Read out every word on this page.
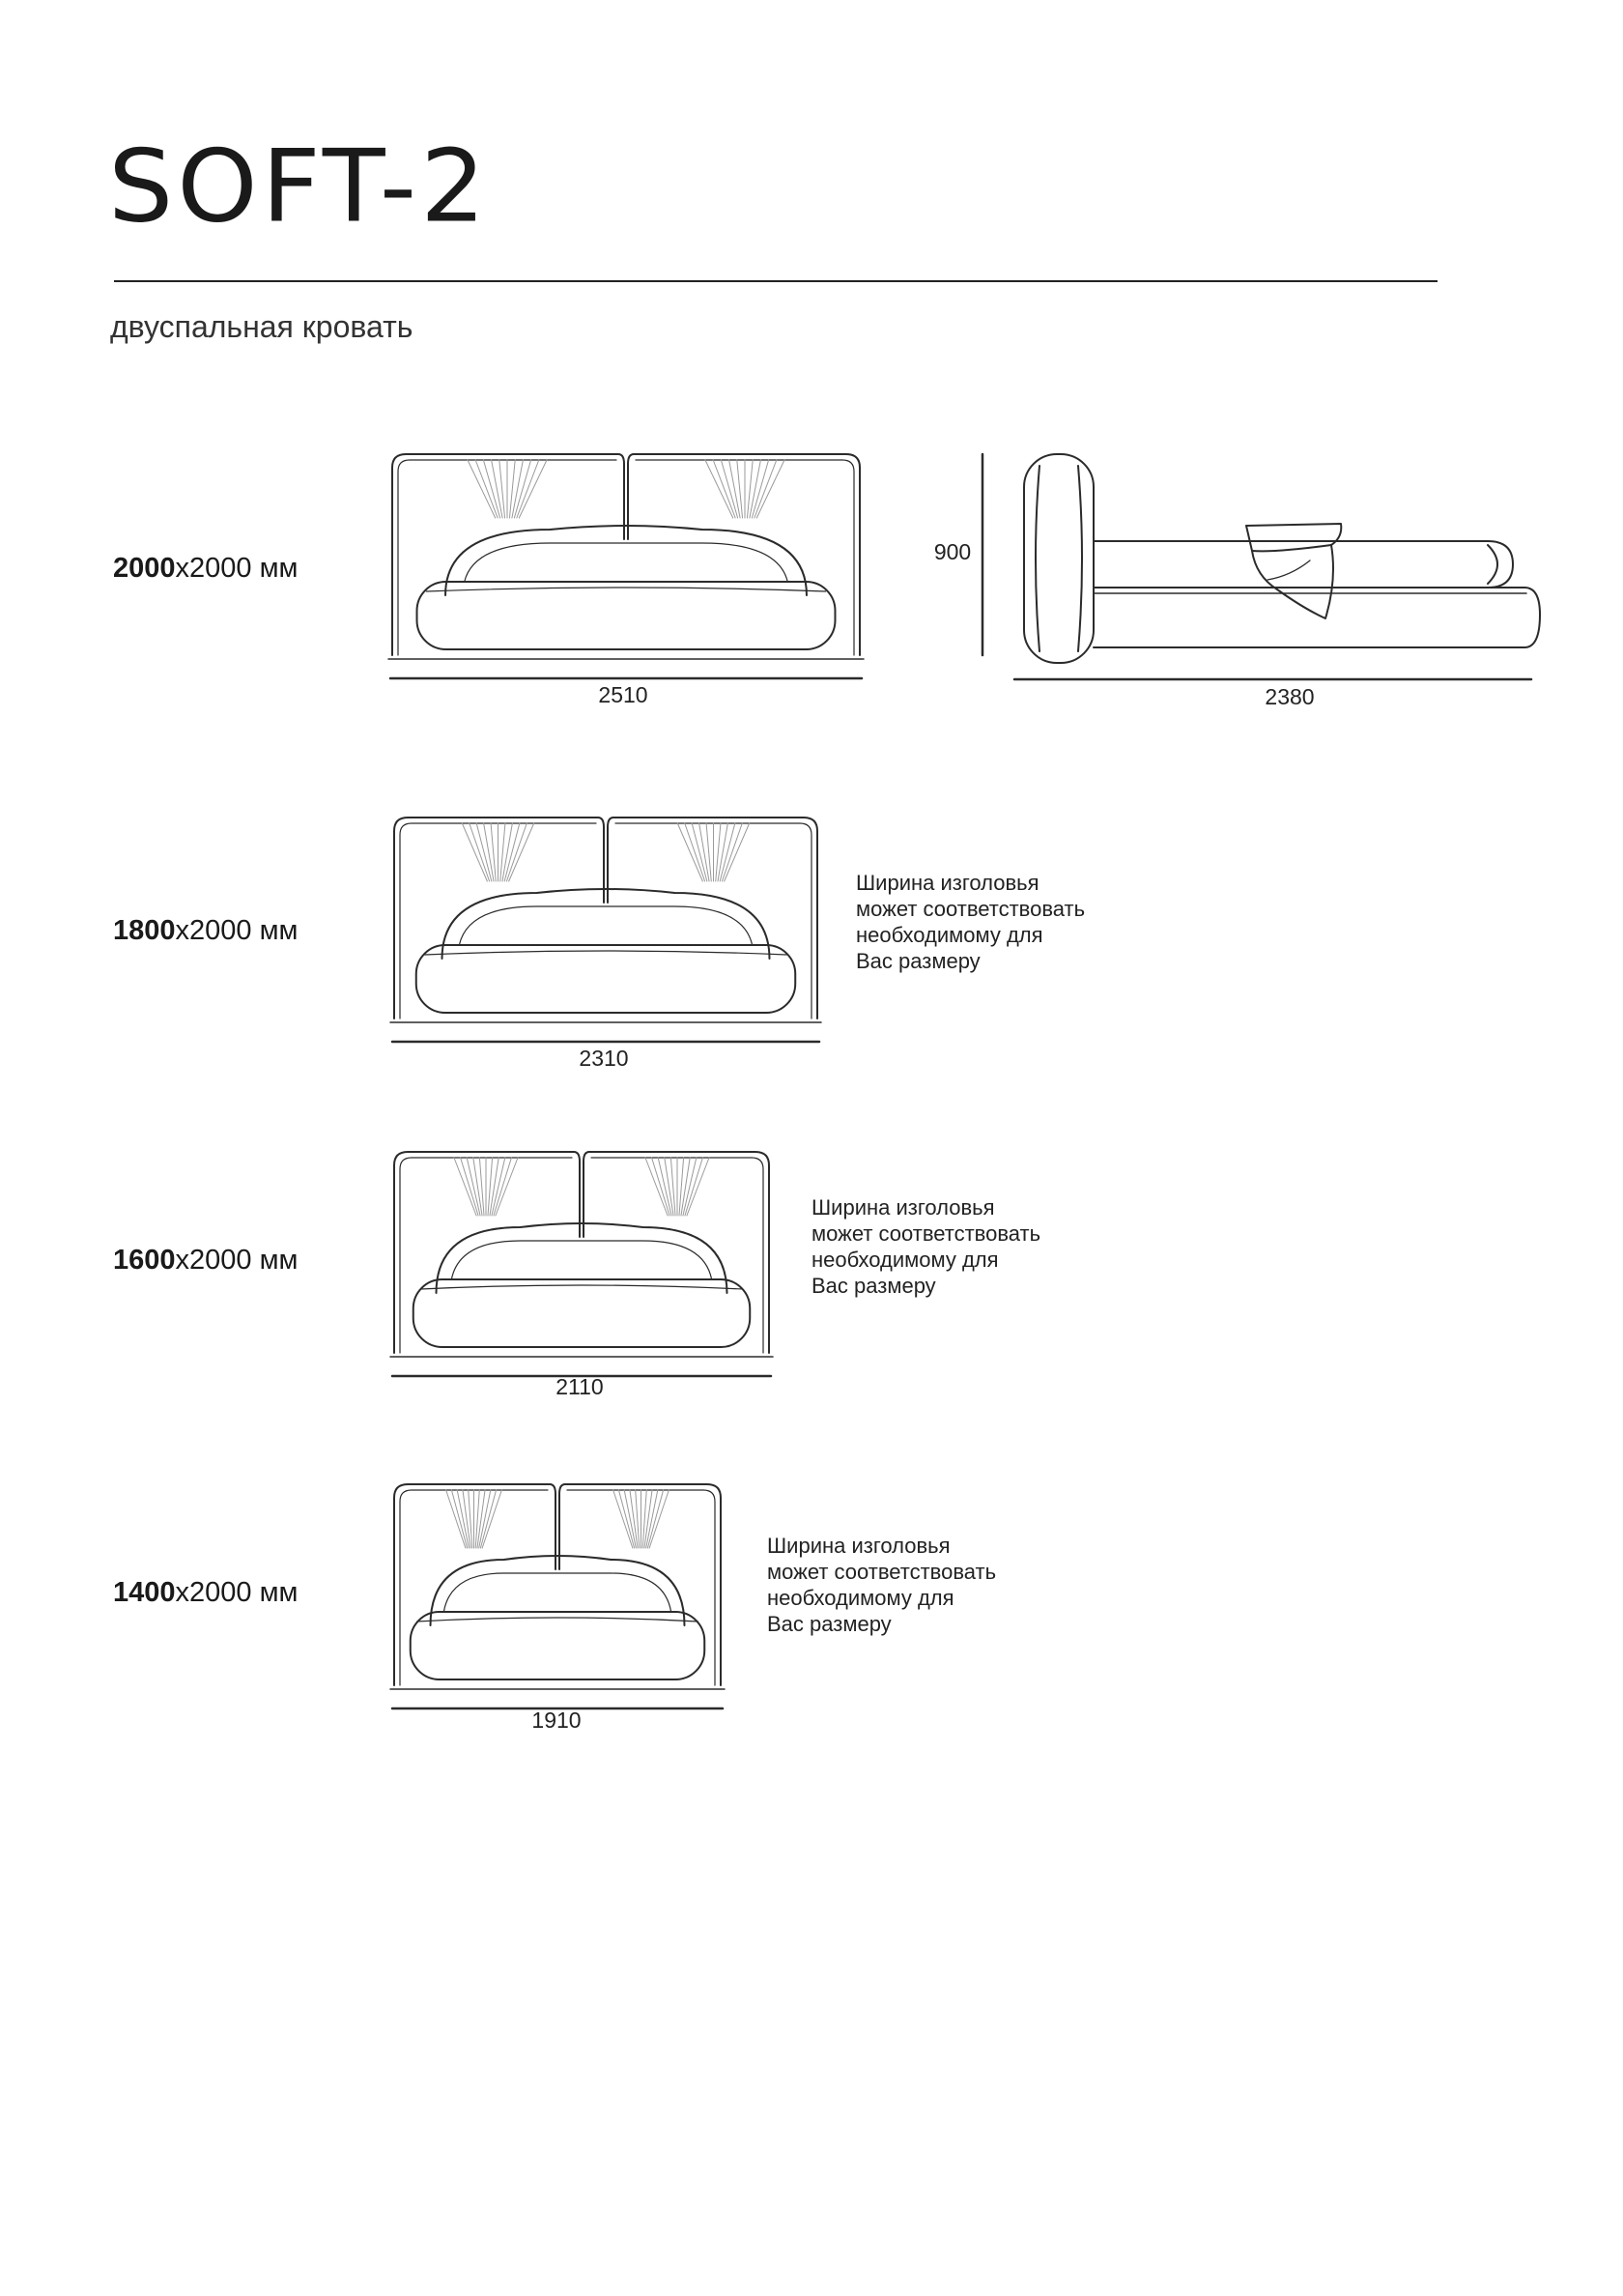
SOFT-2

двуспальная кровать

2000x2000 мм
1800x2000 мм
1600x2000 мм
1400x2000 мм
2510
2310
2110
1910
900
2380
Ширина изголовья
может соответствовать
необходимому для
Вас размеру
Ширина изголовья
может соответствовать
необходимому для
Вас размеру
Ширина изголовья
может соответствовать
необходимому для
Вас размеру
